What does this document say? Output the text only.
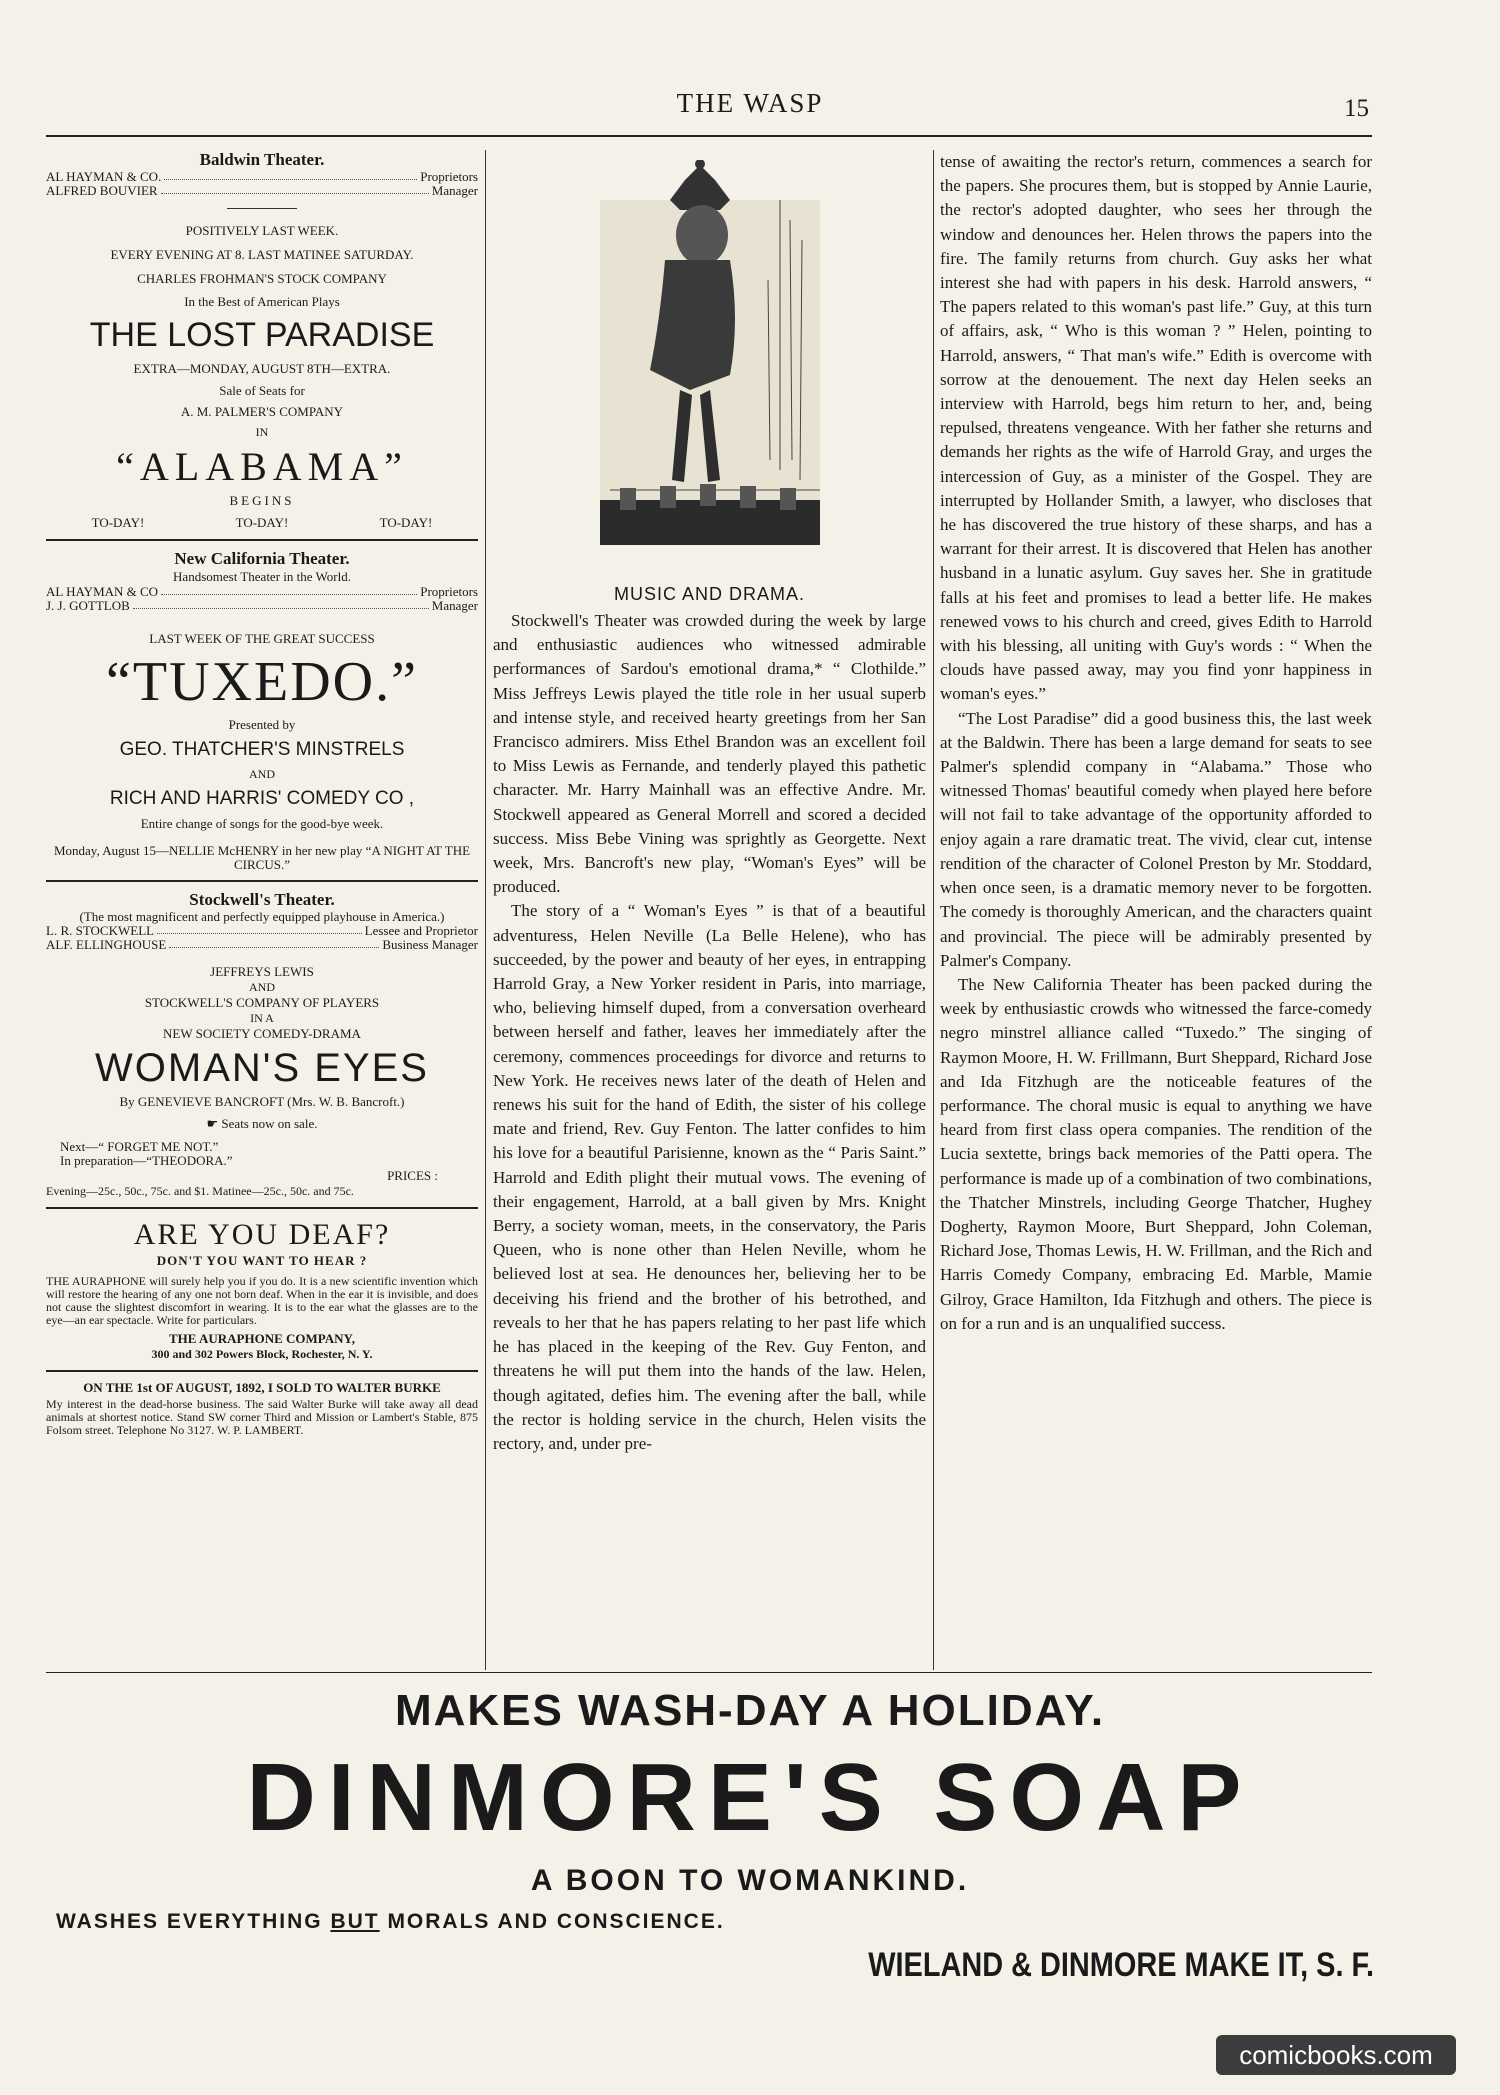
THE WASP	15
Baldwin Theater.
AL HAYMAN & CO.	Proprietors
ALFRED BOUVIER	Manager
POSITIVELY LAST WEEK.
EVERY EVENING AT 8. LAST MATINEE SATURDAY.
CHARLES FROHMAN'S STOCK COMPANY
In the Best of American Plays
THE LOST PARADISE
EXTRA—MONDAY, AUGUST 8TH—EXTRA.
Sale of Seats for
A. M. PALMER'S COMPANY
IN
“ALABAMA”
BEGINS
TO-DAY!	TO-DAY!	TO-DAY!
New California Theater.
Handsomest Theater in the World.
AL HAYMAN & CO	Proprietors
J. J. GOTTLOB	Manager
LAST WEEK OF THE GREAT SUCCESS
“TUXEDO.”
Presented by
GEO. THATCHER'S MINSTRELS
AND
RICH AND HARRIS' COMEDY CO ,
Entire change of songs for the good-bye week.
Monday, August 15—NELLIE McHENRY in her new play “A NIGHT AT THE CIRCUS.”
Stockwell's Theater.
(The most magnificent and perfectly equipped playhouse in America.)
L. R. STOCKWELL	Lessee and Proprietor
ALF. ELLINGHOUSE	Business Manager
JEFFREYS LEWIS
AND
STOCKWELL'S COMPANY OF PLAYERS
IN A
NEW SOCIETY COMEDY-DRAMA
WOMAN'S EYES
By GENEVIEVE BANCROFT (Mrs. W. B. Bancroft.)
☛ Seats now on sale.
Next—“ FORGET ME NOT.”
In preparation—“THEODORA.”
PRICES :
Evening—25c., 50c., 75c. and $1. Matinee—25c., 50c. and 75c.
ARE YOU DEAF?
DON'T YOU WANT TO HEAR ?
THE AURAPHONE will surely help you if you do. It is a new scientific invention which will restore the hearing of any one not born deaf. When in the ear it is invisible, and does not cause the slightest discomfort in wearing. It is to the ear what the glasses are to the eye—an ear spectacle. Write for particulars.
THE AURAPHONE COMPANY,
300 and 302 Powers Block, Rochester, N. Y.
ON THE 1st OF AUGUST, 1892, I SOLD TO WALTER BURKE
My interest in the dead-horse business. The said Walter Burke will take away all dead animals at shortest notice. Stand SW corner Third and Mission or Lambert's Stable, 875 Folsom street. Telephone No 3127. W. P. LAMBERT.
MUSIC AND DRAMA.

Stockwell's Theater was crowded during the week by large and enthusiastic audiences who witnessed admirable performances of Sardou's emotional drama,* “ Clothilde.” Miss Jeffreys Lewis played the title role in her usual superb and intense style, and received hearty greetings from her San Francisco admirers. Miss Ethel Brandon was an excellent foil to Miss Lewis as Fernande, and tenderly played this pathetic character. Mr. Harry Mainhall was an effective Andre. Mr. Stockwell appeared as General Morrell and scored a decided success. Miss Bebe Vining was sprightly as Georgette. Next week, Mrs. Bancroft's new play, “Woman's Eyes” will be produced.

The story of a “ Woman's Eyes ” is that of a beautiful adventuress, Helen Neville (La Belle Helene), who has succeeded, by the power and beauty of her eyes, in entrapping Harrold Gray, a New Yorker resident in Paris, into marriage, who, believing himself duped, from a conversation overheard between herself and father, leaves her immediately after the ceremony, commences proceedings for divorce and returns to New York. He receives news later of the death of Helen and renews his suit for the hand of Edith, the sister of his college mate and friend, Rev. Guy Fenton. The latter confides to him his love for a beautiful Parisienne, known as the “ Paris Saint.” Harrold and Edith plight their mutual vows. The evening of their engagement, Harrold, at a ball given by Mrs. Knight Berry, a society woman, meets, in the conservatory, the Paris Queen, who is none other than Helen Neville, whom he believed lost at sea. He denounces her, believing her to be deceiving his friend and the brother of his betrothed, and reveals to her that he has papers relating to her past life which he has placed in the keeping of the Rev. Guy Fenton, and threatens he will put them into the hands of the law. Helen, though agitated, defies him. The evening after the ball, while the rector is holding service in the church, Helen visits the rectory, and, under pre-

tense of awaiting the rector's return, commences a search for the papers. She procures them, but is stopped by Annie Laurie, the rector's adopted daughter, who sees her through the window and denounces her. Helen throws the papers into the fire. The family returns from church. Guy asks her what interest she had with papers in his desk. Harrold answers, “ The papers related to this woman's past life.” Guy, at this turn of affairs, ask, “ Who is this woman ? ” Helen, pointing to Harrold, answers, “ That man's wife.” Edith is overcome with sorrow at the denouement. The next day Helen seeks an interview with Harrold, begs him return to her, and, being repulsed, threatens vengeance. With her father she returns and demands her rights as the wife of Harrold Gray, and urges the intercession of Guy, as a minister of the Gospel. They are interrupted by Hollander Smith, a lawyer, who discloses that he has discovered the true history of these sharps, and has a warrant for their arrest. It is discovered that Helen has another husband in a lunatic asylum. Guy saves her. She in gratitude falls at his feet and promises to lead a better life. He makes renewed vows to his church and creed, gives Edith to Harrold with his blessing, all uniting with Guy's words : “ When the clouds have passed away, may you find yonr happiness in woman's eyes.”

“The Lost Paradise” did a good business this, the last week at the Baldwin. There has been a large demand for seats to see Palmer's splendid company in “Alabama.” Those who witnessed Thomas' beautiful comedy when played here before will not fail to take advantage of the opportunity afforded to enjoy again a rare dramatic treat. The vivid, clear cut, intense rendition of the character of Colonel Preston by Mr. Stoddard, when once seen, is a dramatic memory never to be forgotten. The comedy is thoroughly American, and the characters quaint and provincial. The piece will be admirably presented by Palmer's Company.

The New California Theater has been packed during the week by enthusiastic crowds who witnessed the farce-comedy negro minstrel alliance called “Tuxedo.” The singing of Raymon Moore, H. W. Frillmann, Burt Sheppard, Richard Jose and Ida Fitzhugh are the noticeable features of the performance. The choral music is equal to anything we have heard from first class opera companies. The rendition of the Lucia sextette, brings back memories of the Patti opera. The performance is made up of a combination of two combinations, the Thatcher Minstrels, including George Thatcher, Hughey Dogherty, Raymon Moore, Burt Sheppard, John Coleman, Richard Jose, Thomas Lewis, H. W. Frillman, and the Rich and Harris Comedy Company, embracing Ed. Marble, Mamie Gilroy, Grace Hamilton, Ida Fitzhugh and others. The piece is on for a run and is an unqualified success.

MAKES WASH-DAY A HOLIDAY.
DINMORE'S SOAP
A BOON TO WOMANKIND.
WASHES EVERYTHING BUT MORALS AND CONSCIENCE.
WIELAND & DINMORE MAKE IT, S. F.
comicbooks.com
